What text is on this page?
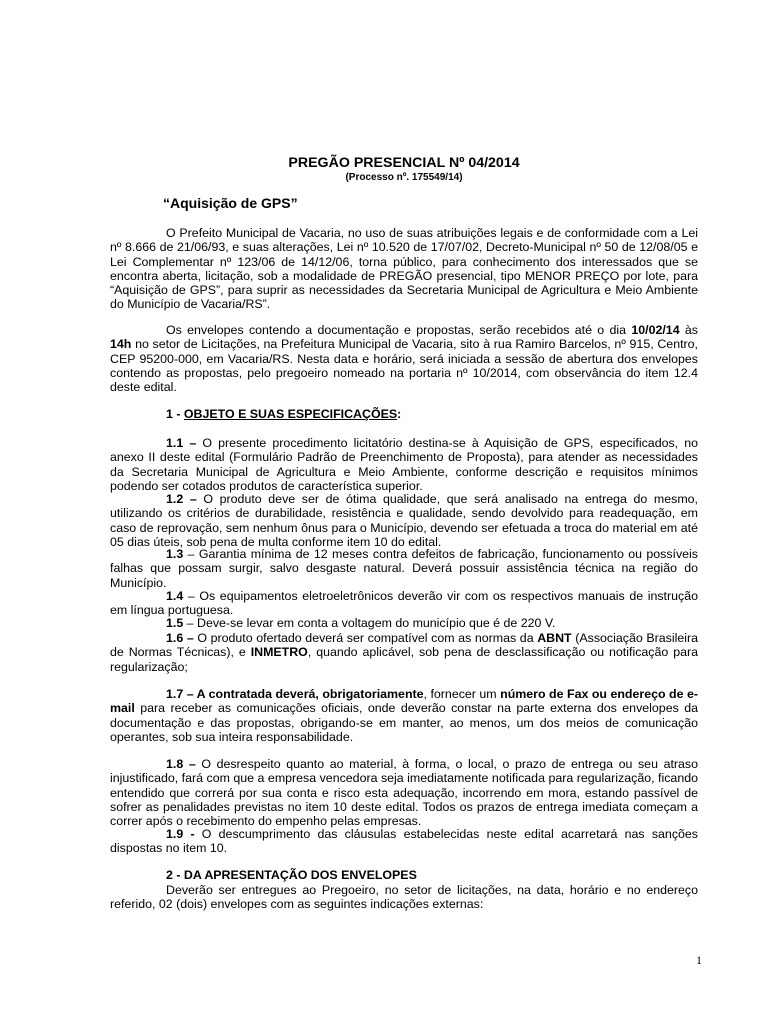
PREGÃO PRESENCIAL Nº 04/2014
(Processo nº. 175549/14)
“Aquisição de GPS”

O Prefeito Municipal de Vacaria, no uso de suas atribuições legais e de conformidade com a Lei nº 8.666 de 21/06/93, e suas alterações, Lei nº 10.520 de 17/07/02, Decreto-Municipal nº 50 de 12/08/05 e Lei Complementar nº 123/06 de 14/12/06, torna público, para conhecimento dos interessados que se encontra aberta, licitação, sob a modalidade de PREGÃO presencial, tipo MENOR PREÇO por lote, para “Aquisição de GPS”, para suprir as necessidades da Secretaria Municipal de Agricultura e Meio Ambiente do Município de Vacaria/RS”.

Os envelopes contendo a documentação e propostas, serão recebidos até o dia 10/02/14 às 14h no setor de Licitações, na Prefeitura Municipal de Vacaria, sito à rua Ramiro Barcelos, nº 915, Centro, CEP 95200-000, em Vacaria/RS. Nesta data e horário, será iniciada a sessão de abertura dos envelopes contendo as propostas, pelo pregoeiro nomeado na portaria nº 10/2014, com observância do item 12.4 deste edital.

1 - OBJETO E SUAS ESPECIFICAÇÕES:

1.1 – O presente procedimento licitatório destina-se à Aquisição de GPS, especificados, no anexo II deste edital (Formulário Padrão de Preenchimento de Proposta), para atender as necessidades da Secretaria Municipal de Agricultura e Meio Ambiente, conforme descrição e requisitos mínimos podendo ser cotados produtos de característica superior.

1.2 – O produto deve ser de ótima qualidade, que será analisado na entrega do mesmo, utilizando os critérios de durabilidade, resistência e qualidade, sendo devolvido para readequação, em caso de reprovação, sem nenhum ônus para o Município, devendo ser efetuada a troca do material em até 05 dias úteis, sob pena de multa conforme item 10 do edital.

1.3 – Garantia mínima de 12 meses contra defeitos de fabricação, funcionamento ou possíveis falhas que possam surgir, salvo desgaste natural. Deverá possuir assistência técnica na região do Município.

1.4 – Os equipamentos eletroeletrônicos deverão vir com os respectivos manuais de instrução em língua portuguesa.

1.5 – Deve-se levar em conta a voltagem do município que é de 220 V.

1.6 – O produto ofertado deverá ser compatível com as normas da ABNT (Associação Brasileira de Normas Técnicas), e INMETRO, quando aplicável, sob pena de desclassificação ou notificação para regularização;

1.7 – A contratada deverá, obrigatoriamente, fornecer um número de Fax ou endereço de e-mail para receber as comunicações oficiais, onde deverão constar na parte externa dos envelopes da documentação e das propostas, obrigando-se em manter, ao menos, um dos meios de comunicação operantes, sob sua inteira responsabilidade.

1.8 – O desrespeito quanto ao material, à forma, o local, o prazo de entrega ou seu atraso injustificado, fará com que a empresa vencedora seja imediatamente notificada para regularização, ficando entendido que correrá por sua conta e risco esta adequação, incorrendo em mora, estando passível de sofrer as penalidades previstas no item 10 deste edital. Todos os prazos de entrega imediata começam a correr após o recebimento do empenho pelas empresas.

1.9 - O descumprimento das cláusulas estabelecidas neste edital acarretará nas sanções dispostas no item 10.

2 - DA APRESENTAÇÃO DOS ENVELOPES

Deverão ser entregues ao Pregoeiro, no setor de licitações, na data, horário e no endereço referido, 02 (dois) envelopes com as seguintes indicações externas:

1
